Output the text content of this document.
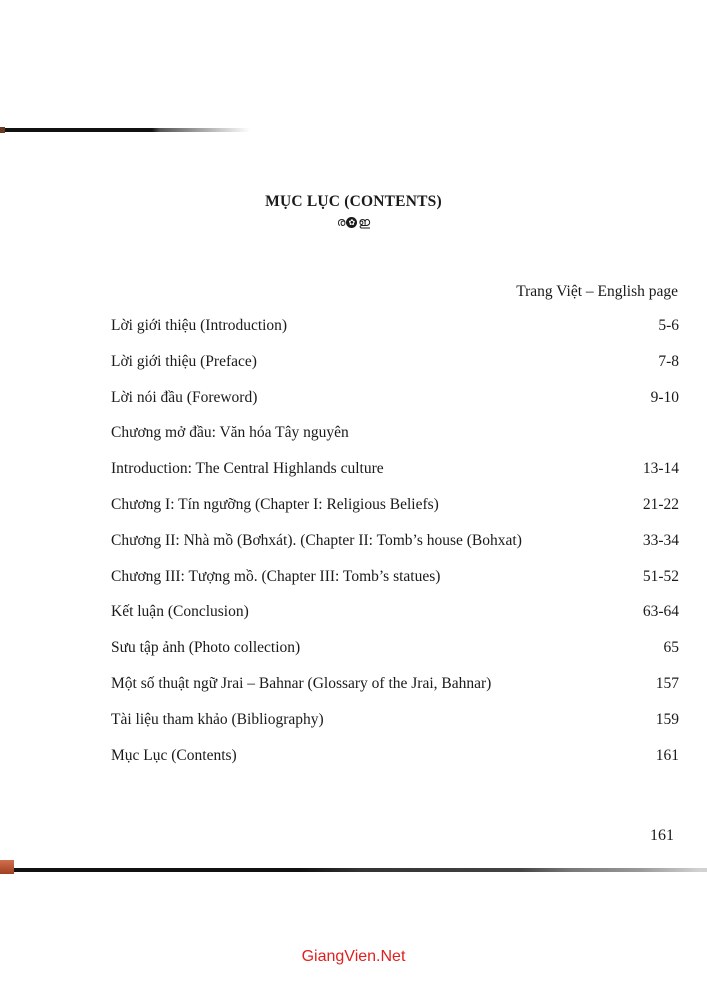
MỤC LỤC (CONTENTS)
ര ✿ ഇ
Trang Việt – English page
Lời giới thiệu (Introduction)	5-6
Lời giới thiệu (Preface)	7-8
Lời nói đầu (Foreword)	9-10
Chương mở đầu: Văn hóa Tây nguyên
Introduction: The Central Highlands culture	13-14
Chương I: Tín ngưỡng (Chapter I: Religious Beliefs)	21-22
Chương II: Nhà mồ (Bơhxát). (Chapter II: Tomb’s house (Bohxat)	33-34
Chương III: Tượng mồ. (Chapter III: Tomb’s statues)	51-52
Kết luận (Conclusion)	63-64
Sưu tập ảnh (Photo collection)	65
Một số thuật ngữ Jrai – Bahnar (Glossary of the Jrai, Bahnar)	157
Tài liệu tham khảo (Bibliography)	159
Mục Lục (Contents)	161
161
GiangVien.Net
